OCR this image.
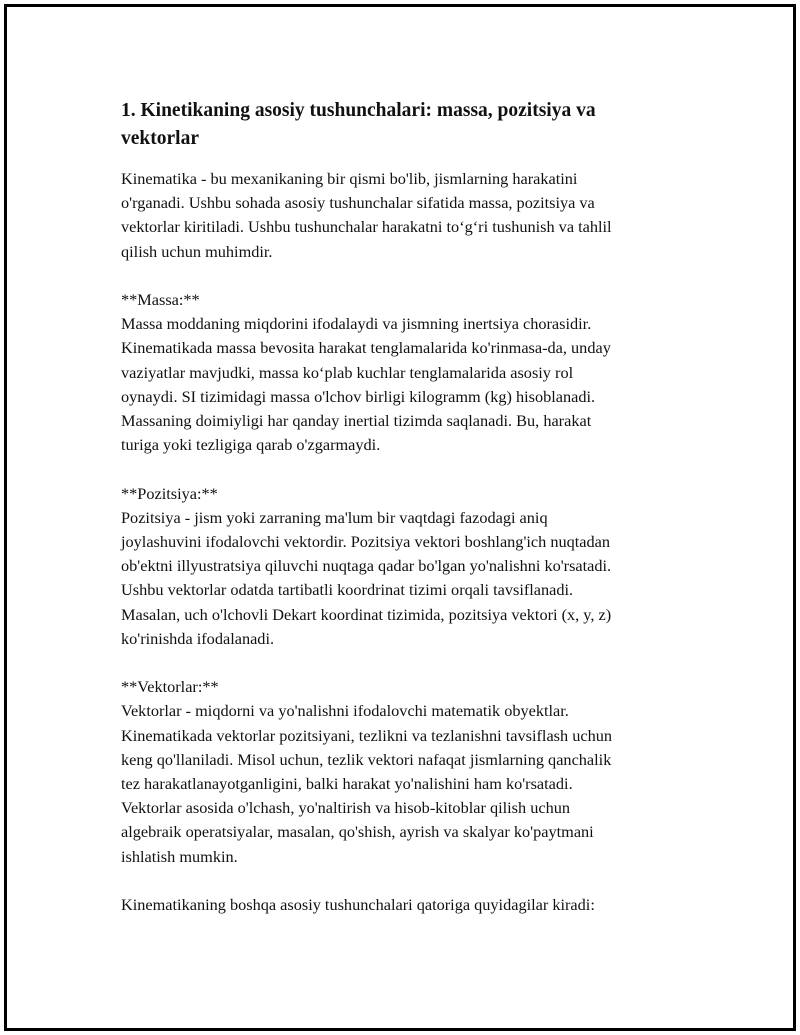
1. Kinetikaning asosiy tushunchalari: massa, pozitsiya va
vektorlar

Kinematika - bu mexanikaning bir qismi bo'lib, jismlarning harakatini
o'rganadi. Ushbu sohada asosiy tushunchalar sifatida massa, pozitsiya va
vektorlar kiritiladi. Ushbu tushunchalar harakatni to‘g‘ri tushunish va tahlil
qilish uchun muhimdir.

**Massa:**
Massa moddaning miqdorini ifodalaydi va jismning inertsiya chorasidir.
Kinematikada massa bevosita harakat tenglamalarida ko'rinmasa-da, unday
vaziyatlar mavjudki, massa ko‘plab kuchlar tenglamalarida asosiy rol
oynaydi. SI tizimidagi massa o'lchov birligi kilogramm (kg) hisoblanadi.
Massaning doimiyligi har qanday inertial tizimda saqlanadi. Bu, harakat
turiga yoki tezligiga qarab o'zgarmaydi.

**Pozitsiya:**
Pozitsiya - jism yoki zarraning ma'lum bir vaqtdagi fazodagi aniq
joylashuvini ifodalovchi vektordir. Pozitsiya vektori boshlang'ich nuqtadan
ob'ektni illyustratsiya qiluvchi nuqtaga qadar bo'lgan yo'nalishni ko'rsatadi.
Ushbu vektorlar odatda tartibatli koordrinat tizimi orqali tavsiflanadi.
Masalan, uch o'lchovli Dekart koordinat tizimida, pozitsiya vektori (x, y, z)
ko'rinishda ifodalanadi.

**Vektorlar:**
Vektorlar - miqdorni va yo'nalishni ifodalovchi matematik obyektlar.
Kinematikada vektorlar pozitsiyani, tezlikni va tezlanishni tavsiflash uchun
keng qo'llaniladi. Misol uchun, tezlik vektori nafaqat jismlarning qanchalik
tez harakatlanayotganligini, balki harakat yo'nalishini ham ko'rsatadi.
Vektorlar asosida o'lchash, yo'naltirish va hisob-kitoblar qilish uchun
algebraik operatsiyalar, masalan, qo'shish, ayrish va skalyar ko'paytmani
ishlatish mumkin.

Kinematikaning boshqa asosiy tushunchalari qatoriga quyidagilar kiradi:
